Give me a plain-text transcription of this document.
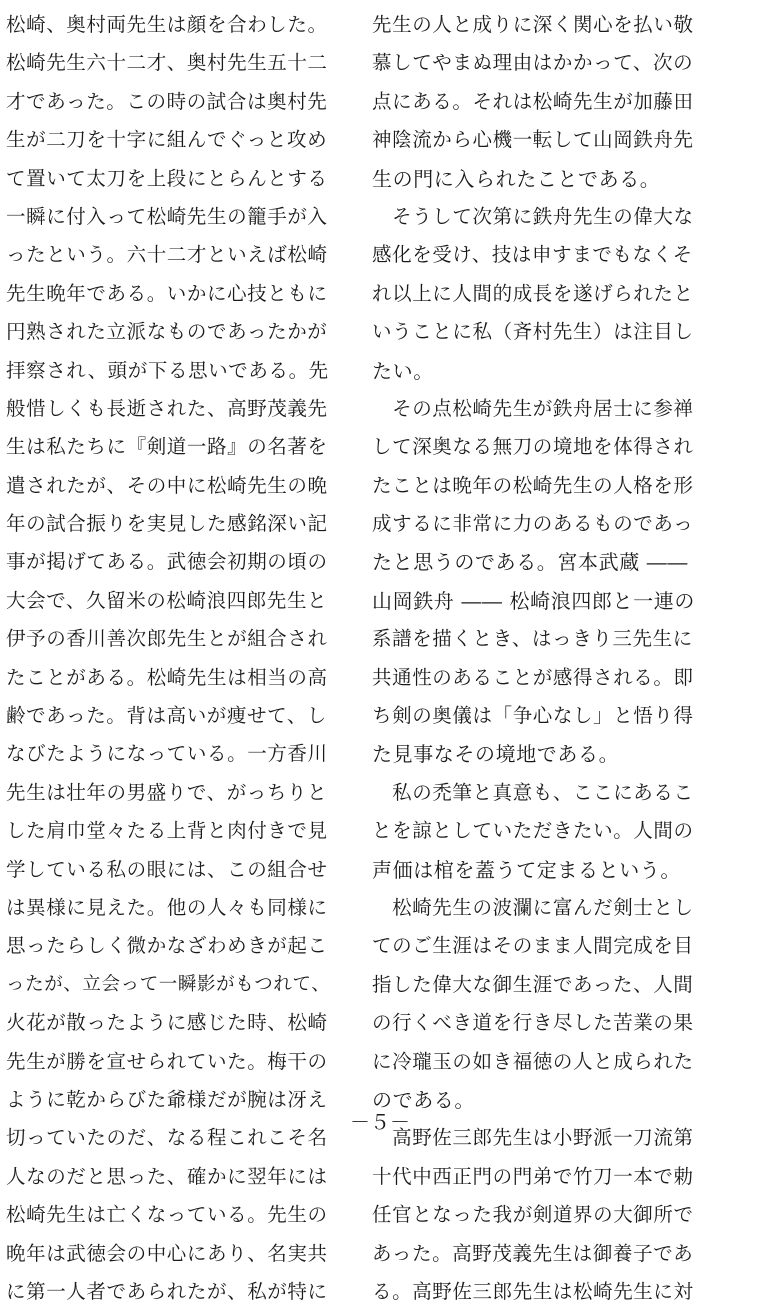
松崎、奥村両先生は顔を合わした。
松崎先生六十二才、奥村先生五十二
才であった。この時の試合は奥村先
生が二刀を十字に組んでぐっと攻め
て置いて太刀を上段にとらんとする
一瞬に付入って松崎先生の籠手が入
ったという。六十二才といえば松崎
先生晩年である。いかに心技ともに
円熟された立派なものであったかが
拝察され、頭が下る思いである。先
般惜しくも長逝された、高野茂義先
生は私たちに『剣道一路』の名著を
遣されたが、その中に松崎先生の晩
年の試合振りを実見した感銘深い記
事が掲げてある。武徳会初期の頃の
大会で、久留米の松崎浪四郎先生と
伊予の香川善次郎先生とが組合され
たことがある。松崎先生は相当の高
齢であった。背は高いが痩せて、し
なびたようになっている。一方香川
先生は壮年の男盛りで、がっちりと
した肩巾堂々たる上背と肉付きで見
学している私の眼には、この組合せ
は異様に見えた。他の人々も同様に
思ったらしく微かなざわめきが起こ
ったが、立会って一瞬影がもつれて、
火花が散ったように感じた時、松崎
先生が勝を宣せられていた。梅干の
ように乾からびた爺様だが腕は冴え
切っていたのだ、なる程これこそ名
人なのだと思った、確かに翌年には
松崎先生は亡くなっている。先生の
晩年は武徳会の中心にあり、名実共
に第一人者であられたが、私が特に
先生の人と成りに深く関心を払い敬
慕してやまぬ理由はかかって、次の
点にある。それは松崎先生が加藤田
神陰流から心機一転して山岡鉄舟先
生の門に入られたことである。
　そうして次第に鉄舟先生の偉大な
感化を受け、技は申すまでもなくそ
れ以上に人間的成長を遂げられたと
いうことに私（斉村先生）は注目し
たい。
　その点松崎先生が鉄舟居士に参禅
して深奥なる無刀の境地を体得され
たことは晩年の松崎先生の人格を形
成するに非常に力のあるものであっ
たと思うのである。宮本武蔵 ――
山岡鉄舟 ―― 松崎浪四郎と一連の
系譜を描くとき、はっきり三先生に
共通性のあることが感得される。即
ち剣の奥儀は「争心なし」と悟り得
た見事なその境地である。
　私の禿筆と真意も、ここにあるこ
とを諒としていただきたい。人間の
声価は棺を蓋うて定まるという。
　松崎先生の波瀾に富んだ剣士とし
てのご生涯はそのまま人間完成を目
指した偉大な御生涯であった、人間
の行くべき道を行き尽した苦業の果
に冷瓏玉の如き福徳の人と成られた
のである。
　高野佐三郎先生は小野派一刀流第
十代中西正門の門弟で竹刀一本で勅
任官となった我が剣道界の大御所で
あった。高野茂義先生は御養子であ
る。高野佐三郎先生は松崎先生に対
－５－
